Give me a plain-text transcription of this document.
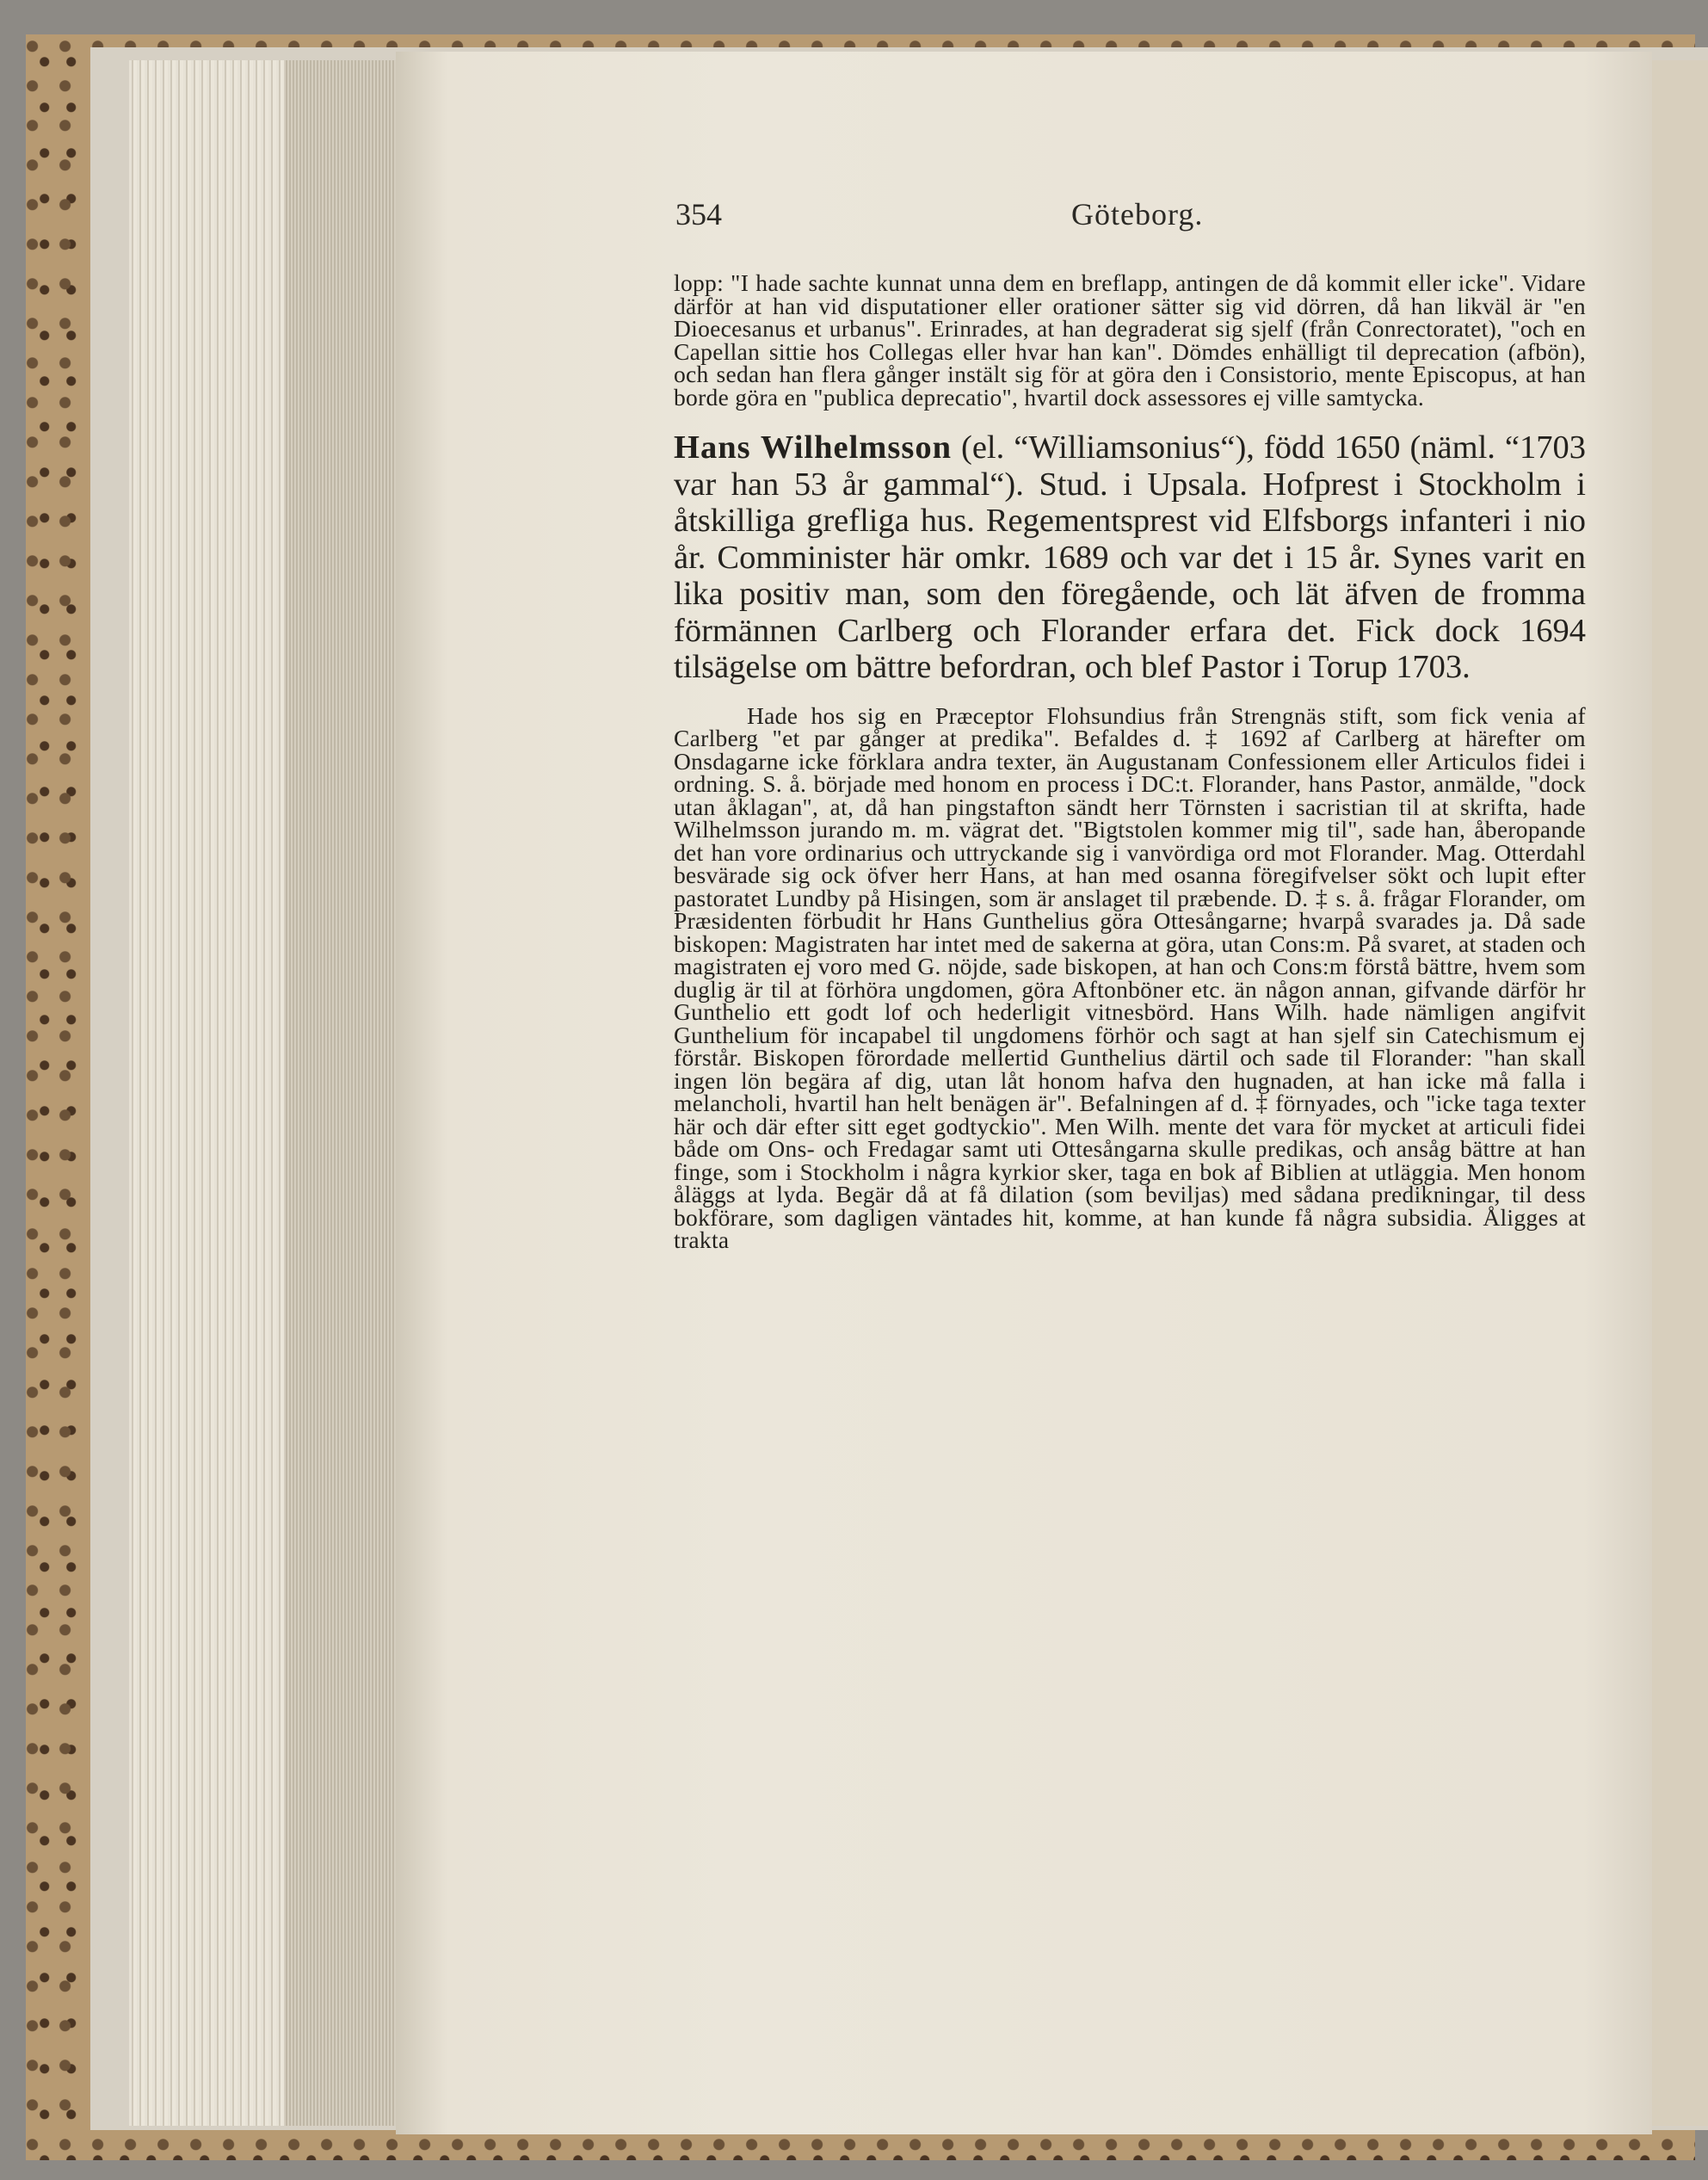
354	Göteborg.

lopp: "I hade sachte kunnat unna dem en breflapp, antingen de då kommit eller icke". Vidare därför at han vid disputationer eller orationer sätter sig vid dörren, då han likväl är "en Dioecesanus et urbanus". Erinrades, at han degraderat sig sjelf (från Conrectoratet), "och en Capellan sittie hos Collegas eller hvar han kan". Dömdes enhälligt til deprecation (afbön), och sedan han flera gånger instält sig för at göra den i Consistorio, mente Episcopus, at han borde göra en "publica deprecatio", hvartil dock assessores ej ville samtycka.

Hans Wilhelmsson (el. “Williamsonius“), född 1650 (näml. “1703 var han 53 år gammal“). Stud. i Upsala. Hofprest i Stockholm i åtskilliga grefliga hus. Regementsprest vid Elfsborgs infanteri i nio år. Comminister här omkr. 1689 och var det i 15 år. Synes varit en lika positiv man, som den föregående, och lät äfven de fromma förmännen Carlberg och Florander erfara det. Fick dock 1694 tilsägelse om bättre befordran, och blef Pastor i Torup 1703.

Hade hos sig en Præceptor Flohsundius från Strengnäs stift, som fick venia af Carlberg "et par gånger at predika". Befaldes d. ‡ 1692 af Carlberg at härefter om Onsdagarne icke förklara andra texter, än Augustanam Confessionem eller Articulos fidei i ordning. S. å. började med honom en process i DC:t. Florander, hans Pastor, anmälde, "dock utan åklagan", at, då han pingstafton sändt herr Törnsten i sacristian til at skrifta, hade Wilhelmsson jurando m. m. vägrat det. "Bigtstolen kommer mig til", sade han, åberopande det han vore ordinarius och uttryckande sig i vanvördiga ord mot Florander. Mag. Otterdahl besvärade sig ock öfver herr Hans, at han med osanna föregifvelser sökt och lupit efter pastoratet Lundby på Hisingen, som är anslaget til præbende. D. ‡ s. å. frågar Florander, om Præsidenten förbudit hr Hans Gunthelius göra Ottesångarne; hvarpå svarades ja. Då sade biskopen: Magistraten har intet med de sakerna at göra, utan Cons:m. På svaret, at staden och magistraten ej voro med G. nöjde, sade biskopen, at han och Cons:m förstå bättre, hvem som duglig är til at förhöra ungdomen, göra Aftonböner etc. än någon annan, gifvande därför hr Gunthelio ett godt lof och hederligit vitnesbörd. Hans Wilh. hade nämligen angifvit Gunthelium för incapabel til ungdomens förhör och sagt at han sjelf sin Catechismum ej förstår. Biskopen förordade mellertid Gunthelius därtil och sade til Florander: "han skall ingen lön begära af dig, utan låt honom hafva den hugnaden, at han icke må falla i melancholi, hvartil han helt benägen är". Befalningen af d. ‡ förnyades, och "icke taga texter här och där efter sitt eget godtyckio". Men Wilh. mente det vara för mycket at articuli fidei både om Ons- och Fredagar samt uti Ottesångarna skulle predikas, och ansåg bättre at han finge, som i Stockholm i några kyrkior sker, taga en bok af Biblien at utläggia. Men honom åläggs at lyda. Begär då at få dilation (som beviljas) med sådana predikningar, til dess bokförare, som dagligen väntades hit, komme, at han kunde få några subsidia. Åligges at trakta
